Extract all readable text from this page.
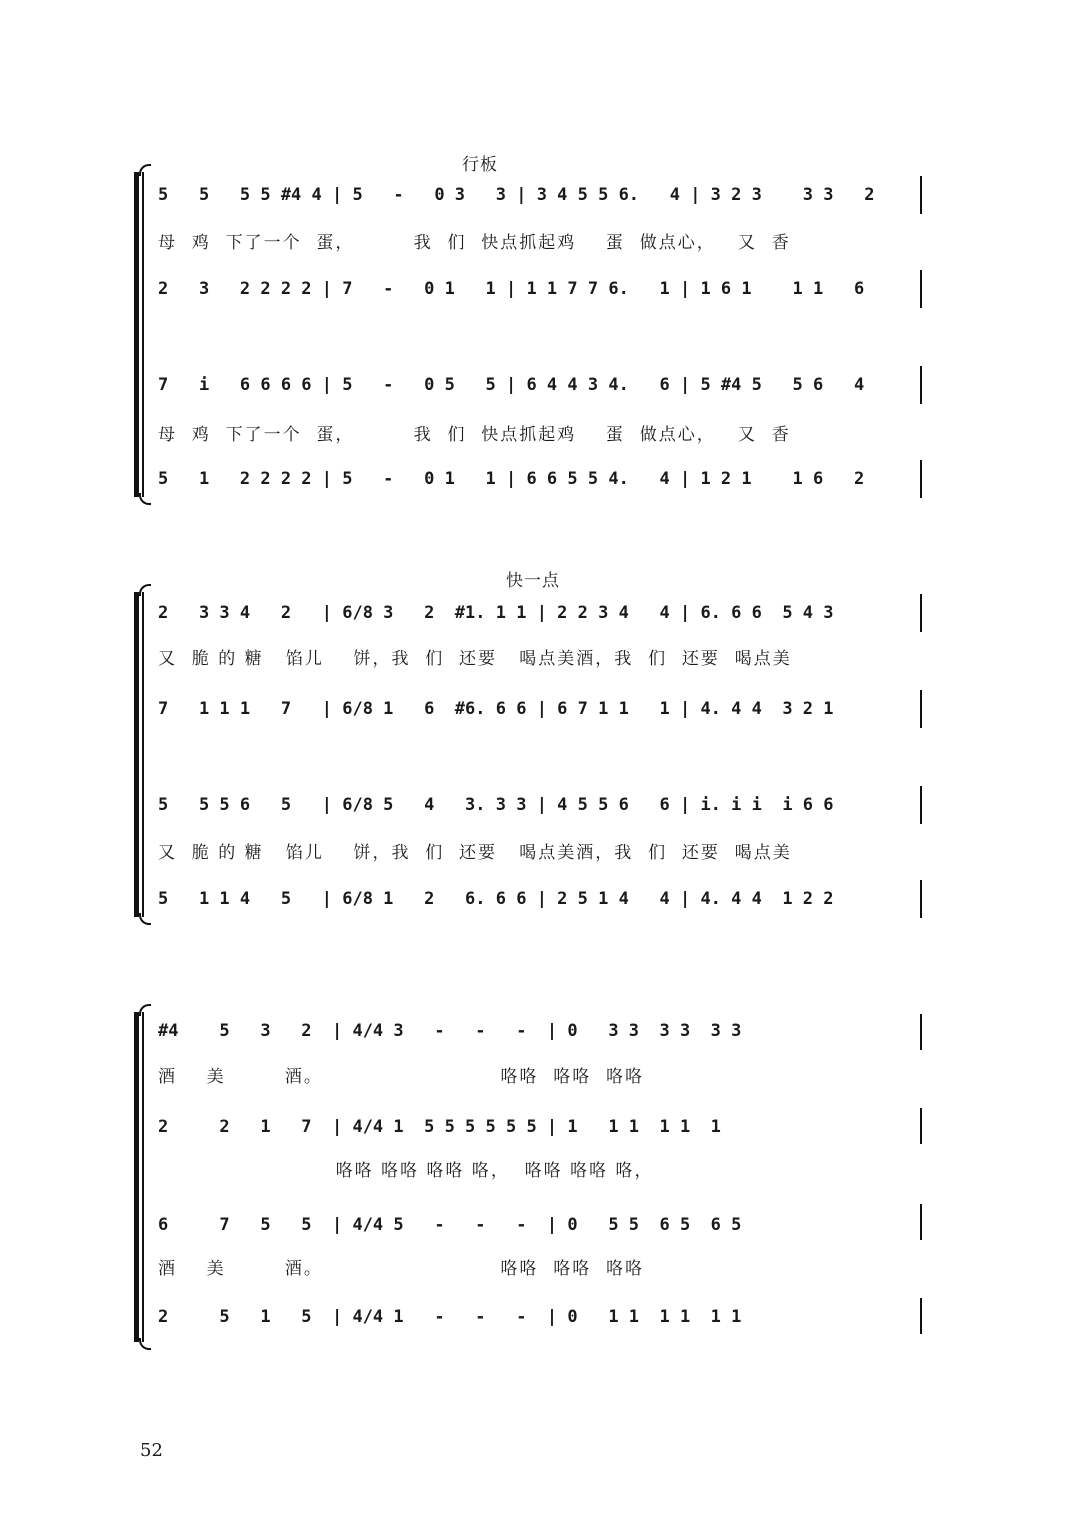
行板
5   5   5 5 #4 4 | 5   -   0 3   3 | 3 4 5 5 6.   4 | 3 2 3    3 3   2
母  鸡  下了一个  蛋，        我  们  快点抓起鸡    蛋  做点心，   又  香
2   3   2 2 2 2 | 7   -   0 1   1 | 1 1 7 7 6.   1 | 1 6 1    1 1   6
7   i   6 6 6 6 | 5   -   0 5   5 | 6 4 4 3 4.   6 | 5 #4 5   5 6   4
母  鸡  下了一个  蛋，        我  们  快点抓起鸡    蛋  做点心，   又  香
5   1   2 2 2 2 | 5   -   0 1   1 | 6 6 5 5 4.   4 | 1 2 1    1 6   2
快一点
2   3 3 4   2   | 6/8 3   2  #1. 1 1 | 2 2 3 4   4 | 6. 6 6  5 4 3
又  脆 的 糖   馅儿    饼，我  们  还要   喝点美酒，我  们  还要  喝点美
7   1 1 1   7   | 6/8 1   6  #6. 6 6 | 6 7 1 1   1 | 4. 4 4  3 2 1
5   5 5 6   5   | 6/8 5   4   3. 3 3 | 4 5 5 6   6 | i. i i  i 6 6
又  脆 的 糖   馅儿    饼，我  们  还要   喝点美酒，我  们  还要  喝点美
5   1 1 4   5   | 6/8 1   2   6. 6 6 | 2 5 1 4   4 | 4. 4 4  1 2 2
#4    5   3   2  | 4/4 3   -   -   -  | 0   3 3  3 3  3 3
酒    美        酒。                        咯咯  咯咯  咯咯
2     2   1   7  | 4/4 1  5 5 5 5 5 5 | 1   1 1  1 1  1
咯咯 咯咯 咯咯 咯，  咯咯 咯咯 咯，
6     7   5   5  | 4/4 5   -   -   -  | 0   5 5  6 5  6 5
酒    美        酒。                        咯咯  咯咯  咯咯
2     5   1   5  | 4/4 1   -   -   -  | 0   1 1  1 1  1 1
52
